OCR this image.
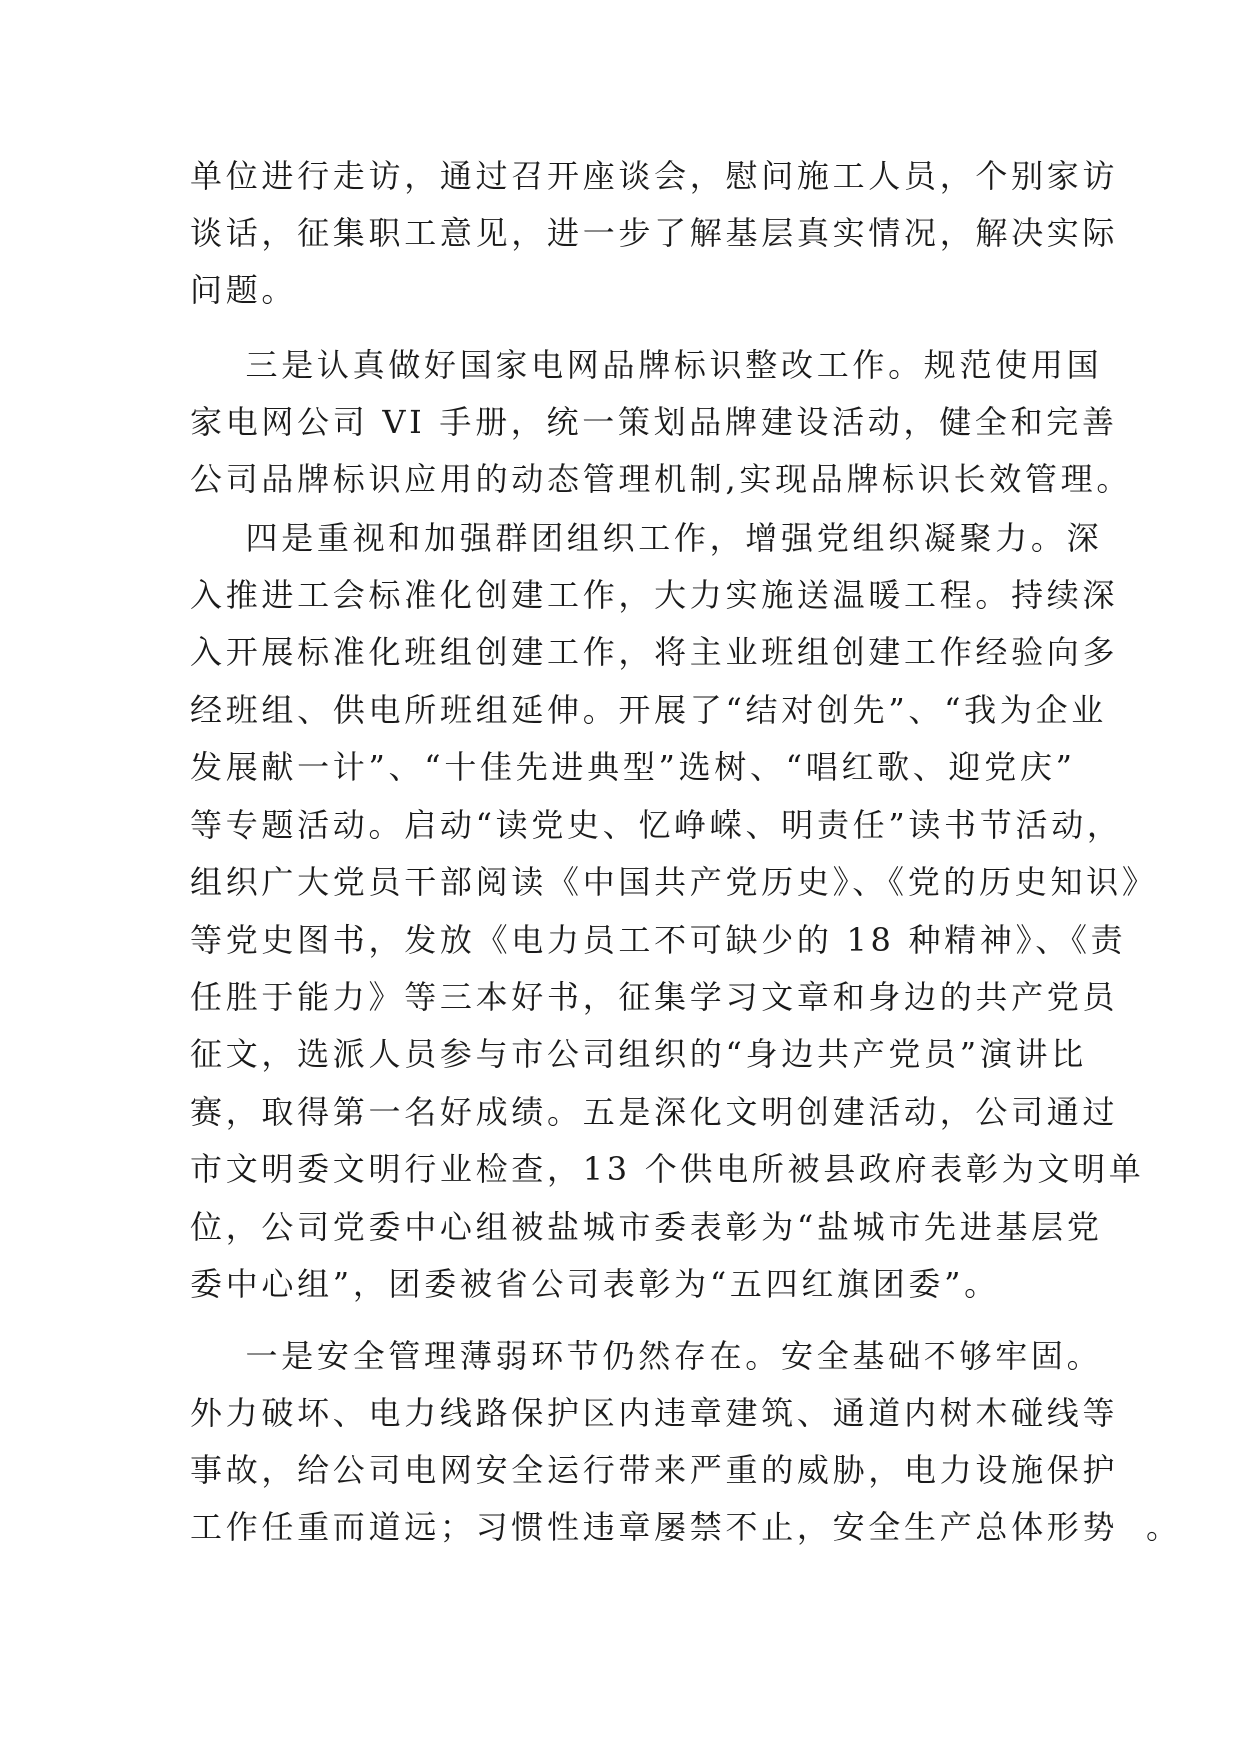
单位进行走访，通过召开座谈会，慰问施工人员，个别家访
谈话，征集职工意见，进一步了解基层真实情况，解决实际
问题。
三是认真做好国家电网品牌标识整改工作。规范使用国
家电网公司 VI 手册，统一策划品牌建设活动，健全和完善
公司品牌标识应用的动态管理机制,实现品牌标识长效管理。
四是重视和加强群团组织工作，增强党组织凝聚力。深
入推进工会标准化创建工作，大力实施送温暖工程。持续深
入开展标准化班组创建工作，将主业班组创建工作经验向多
经班组、供电所班组延伸。开展了“结对创先”、“我为企业
发展献一计”、“十佳先进典型”选树、“唱红歌、迎党庆”
等专题活动。启动“读党史、忆峥嵘、明责任”读书节活动，
组织广大党员干部阅读《中国共产党历史》、《党的历史知识》
等党史图书，发放《电力员工不可缺少的 18 种精神》、《责
任胜于能力》等三本好书，征集学习文章和身边的共产党员
征文，选派人员参与市公司组织的“身边共产党员”演讲比
赛，取得第一名好成绩。五是深化文明创建活动，公司通过
市文明委文明行业检查，13 个供电所被县政府表彰为文明单
位，公司党委中心组被盐城市委表彰为“盐城市先进基层党
委中心组”，团委被省公司表彰为“五四红旗团委”。
一是安全管理薄弱环节仍然存在。安全基础不够牢固。
外力破坏、电力线路保护区内违章建筑、通道内树木碰线等
事故，给公司电网安全运行带来严重的威胁，电力设施保护
工作任重而道远；习惯性违章屡禁不止，安全生产总体形势  。
